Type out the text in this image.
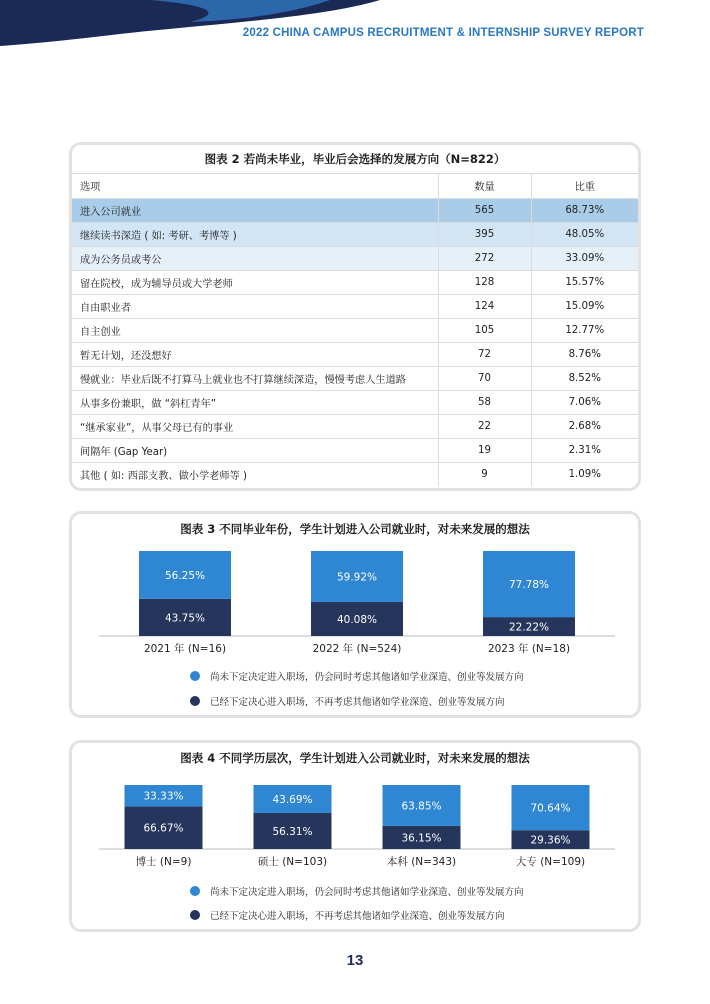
2022 CHINA CAMPUS RECRUITMENT & INTERNSHIP SURVEY REPORT
图表 2 若尚未毕业，毕业后会选择的发展方向（N=822）
选项	数量	比重
进入公司就业	565	68.73%
继续读书深造 ( 如: 考研、考博等 )	395	48.05%
成为公务员或考公	272	33.09%
留在院校，成为辅导员或大学老师	128	15.57%
自由职业者	124	15.09%
自主创业	105	12.77%
暂无计划，还没想好	72	8.76%
慢就业：毕业后既不打算马上就业也不打算继续深造，慢慢考虑人生道路	70	8.52%
从事多份兼职，做 “斜杠青年”	58	7.06%
“继承家业”，从事父母已有的事业	22	2.68%
间隔年 (Gap Year)	19	2.31%
其他 ( 如: 西部支教、做小学老师等 )	9	1.09%
图表 3 不同毕业年份，学生计划进入公司就业时，对未来发展的想法
43.75%
56.25%
2021 年 (N=16)
40.08%
59.92%
2022 年 (N=524)
22.22%
77.78%
2023 年 (N=18)
尚未下定决定进入职场，仍会同时考虑其他诸如学业深造、创业等发展方向
已经下定决心进入职场，不再考虑其他诸如学业深造、创业等发展方向
图表 4 不同学历层次，学生计划进入公司就业时，对未来发展的想法
66.67%
33.33%
博士 (N=9)
56.31%
43.69%
硕士 (N=103)
36.15%
63.85%
本科 (N=343)
29.36%
70.64%
大专 (N=109)
尚未下定决定进入职场，仍会同时考虑其他诸如学业深造、创业等发展方向
已经下定决心进入职场，不再考虑其他诸如学业深造、创业等发展方向
13
